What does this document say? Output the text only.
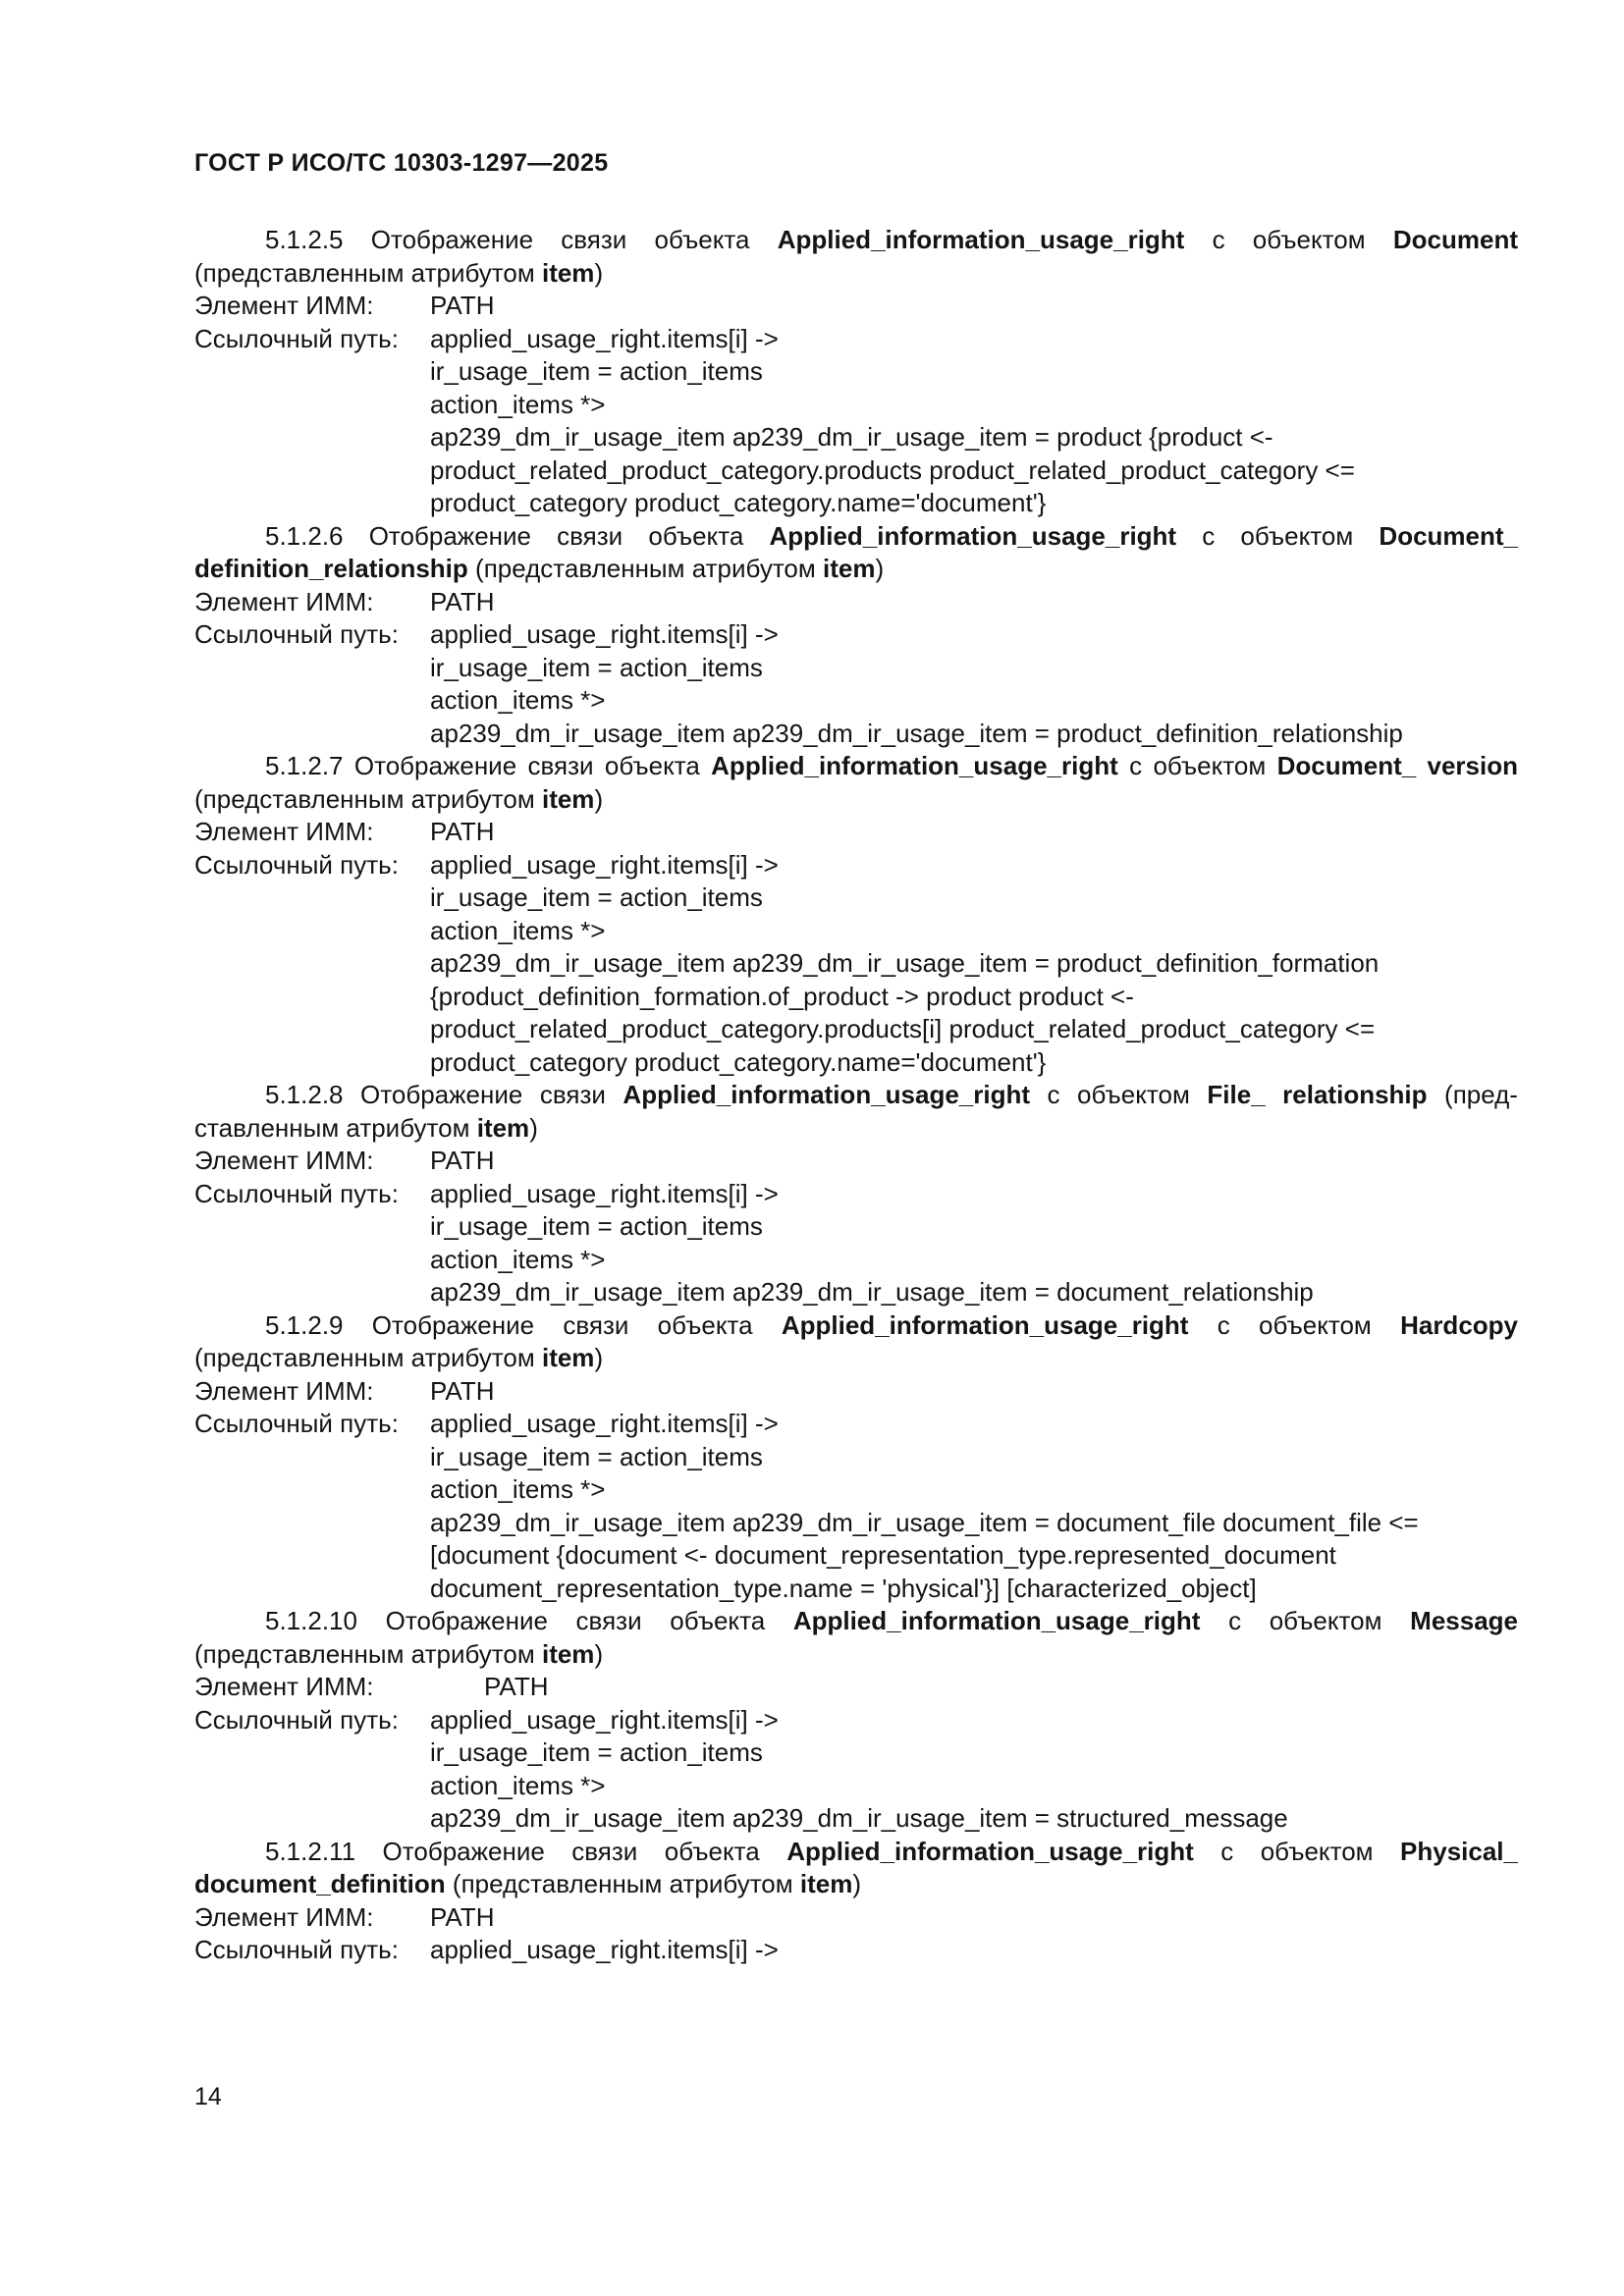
ГОСТ Р ИСО/ТС 10303-1297—2025

5.1.2.5 Отображение связи объекта Applied_information_usage_right с объектом Document (представленным атрибутом item)

Элемент ИММ:	PATH
Ссылочный путь:	applied_usage_right.items[i] ->
ir_usage_item = action_items
action_items *>
ap239_dm_ir_usage_item ap239_dm_ir_usage_item = product {product <-
product_related_product_category.products product_related_product_category <=
product_category product_category.name='document'}

5.1.2.6 Отображение связи объекта Applied_information_usage_right с объектом Document_ definition_relationship (представленным атрибутом item)

Элемент ИММ:	PATH
Ссылочный путь:	applied_usage_right.items[i] ->
ir_usage_item = action_items
action_items *>
ap239_dm_ir_usage_item ap239_dm_ir_usage_item = product_definition_relationship

5.1.2.7 Отображение связи объекта Applied_information_usage_right с объектом Document_ version (представленным атрибутом item)

Элемент ИММ:	PATH
Ссылочный путь:	applied_usage_right.items[i] ->
ir_usage_item = action_items
action_items *>
ap239_dm_ir_usage_item ap239_dm_ir_usage_item = product_definition_formation
{product_definition_formation.of_product -> product product <-
product_related_product_category.products[i] product_related_product_category <=
product_category product_category.name='document'}

5.1.2.8 Отображение связи Applied_information_usage_right с объектом File_ relationship (пред-ставленным атрибутом item)

Элемент ИММ:	PATH
Ссылочный путь:	applied_usage_right.items[i] ->
ir_usage_item = action_items
action_items *>
ap239_dm_ir_usage_item ap239_dm_ir_usage_item = document_relationship

5.1.2.9 Отображение связи объекта Applied_information_usage_right с объектом Hardcopy (представленным атрибутом item)

Элемент ИММ:	PATH
Ссылочный путь:	applied_usage_right.items[i] ->
ir_usage_item = action_items
action_items *>
ap239_dm_ir_usage_item ap239_dm_ir_usage_item = document_file document_file <=
[document {document <- document_representation_type.represented_document
document_representation_type.name = 'physical'}] [characterized_object]

5.1.2.10 Отображение связи объекта Applied_information_usage_right с объектом Message (представленным атрибутом item)

Элемент ИММ:	PATH
Ссылочный путь:	applied_usage_right.items[i] ->
ir_usage_item = action_items
action_items *>
ap239_dm_ir_usage_item ap239_dm_ir_usage_item = structured_message

5.1.2.11 Отображение связи объекта Applied_information_usage_right с объектом Physical_ document_definition (представленным атрибутом item)

Элемент ИММ:	PATH
Ссылочный путь:	applied_usage_right.items[i] ->
14
